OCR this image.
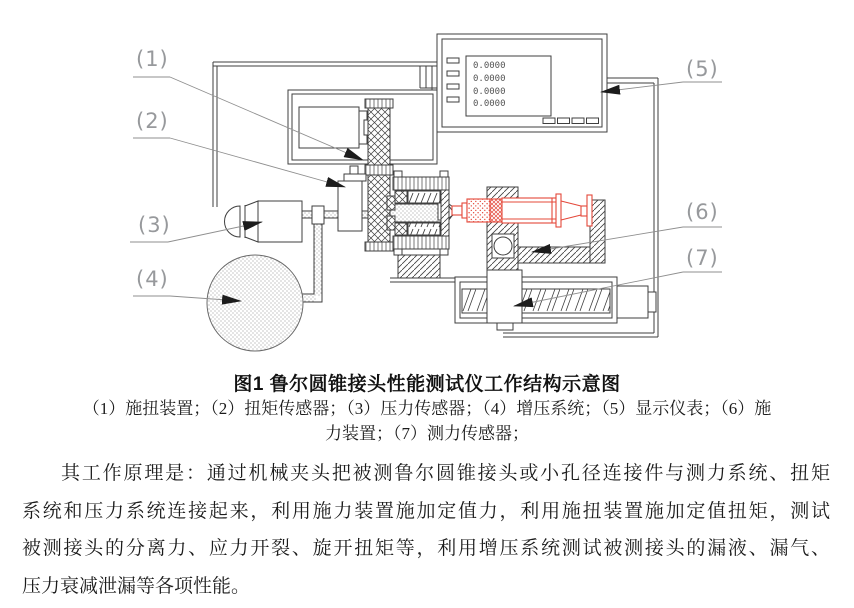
0.0000
0.0000
0.0000
0.0000
(1)
(2)
(3)
(4)
(5)
(6)
(7)
图1 鲁尔圆锥接头性能测试仪工作结构示意图
（1）施扭装置；（2）扭矩传感器；（3）压力传感器；（4）增压系统；（5）显示仪表；（6）施
力装置；（7）测力传感器；
其工作原理是：通过机械夹头把被测鲁尔圆锥接头或小孔径连接件与测力系统、扭矩
系统和压力系统连接起来，利用施力装置施加定值力，利用施扭装置施加定值扭矩，测试
被测接头的分离力、应力开裂、旋开扭矩等，利用增压系统测试被测接头的漏液、漏气、
压力衰减泄漏等各项性能。
